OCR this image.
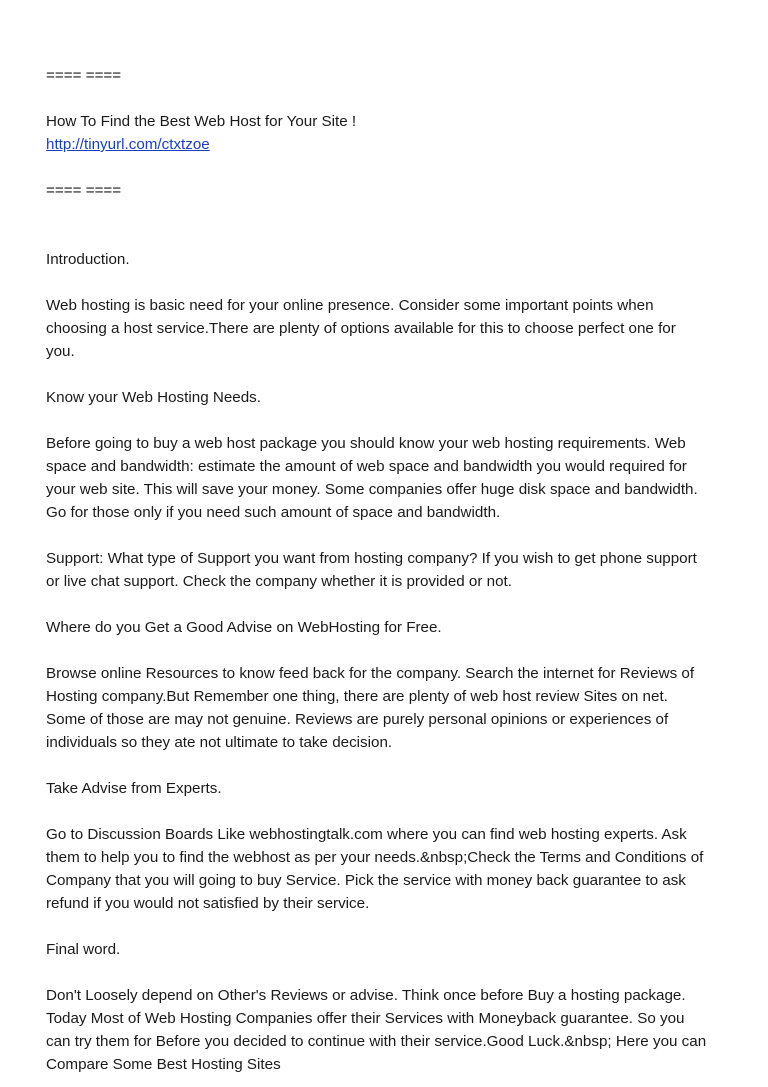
==== ====
How To Find the Best Web Host for Your Site !
http://tinyurl.com/ctxtzoe
==== ====
Introduction.
Web hosting is basic need for your online presence. Consider some important points when
choosing a host service.There are plenty of options available for this to choose perfect one for
you.
Know your Web Hosting Needs.
Before going to buy a web host package you should know your web hosting requirements. Web
space and bandwidth: estimate the amount of web space and bandwidth you would required for
your web site. This will save your money. Some companies offer huge disk space and bandwidth.
Go for those only if you need such amount of space and bandwidth.
Support: What type of Support you want from hosting company? If you wish to get phone support
or live chat support. Check the company whether it is provided or not.
Where do you Get a Good Advise on WebHosting for Free.
Browse online Resources to know feed back for the company. Search the internet for Reviews of
Hosting company.But Remember one thing, there are plenty of web host review Sites on net.
Some of those are may not genuine. Reviews are purely personal opinions or experiences of
individuals so they ate not ultimate to take decision.
Take Advise from Experts.
Go to Discussion Boards Like webhostingtalk.com where you can find web hosting experts. Ask
them to help you to find the webhost as per your needs.&nbsp;Check the Terms and Conditions of
Company that you will going to buy Service. Pick the service with money back guarantee to ask
refund if you would not satisfied by their service.
Final word.
Don't Loosely depend on Other's Reviews or advise. Think once before Buy a hosting package.
Today Most of Web Hosting Companies offer their Services with Moneyback guarantee. So you
can try them for Before you decided to continue with their service.Good Luck.&nbsp; Here you can
Compare Some Best Hosting Sites
